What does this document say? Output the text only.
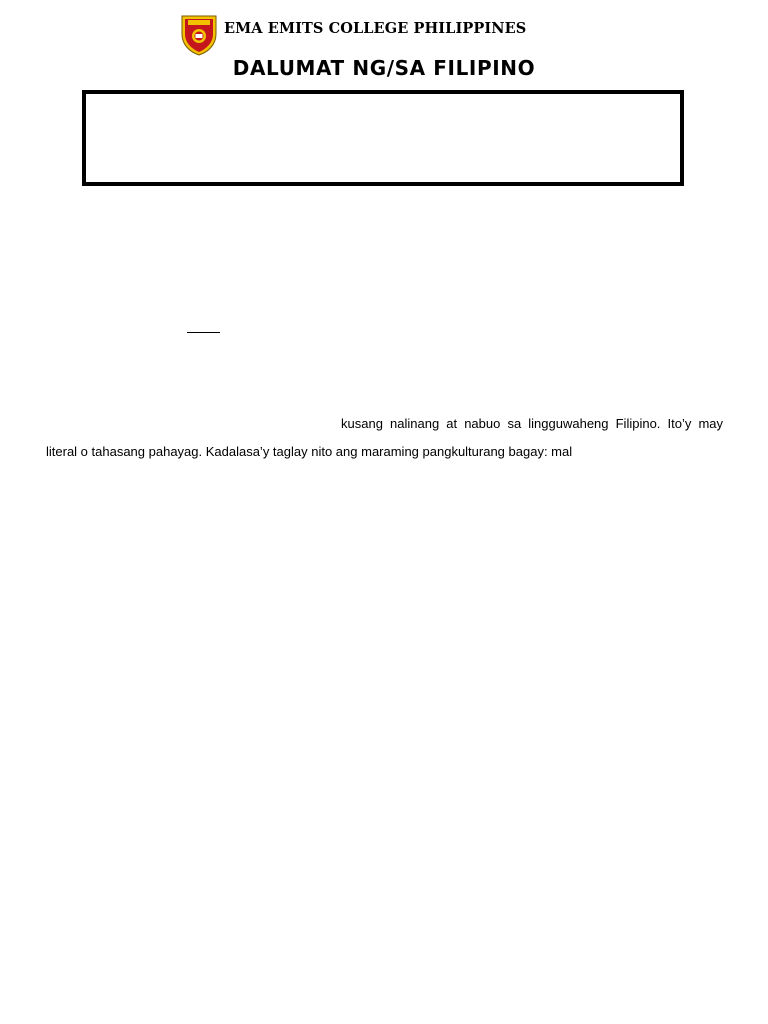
EMA EMITS COLLEGE PHILIPPINES
DALUMAT NG/SA FILIPINO
kusang nalinang at nabuo sa lingguwaheng Filipino. Ito’y may
literal o tahasang pahayag. Kadalasa’y taglay nito ang maraming pangkulturang bagay: mal
